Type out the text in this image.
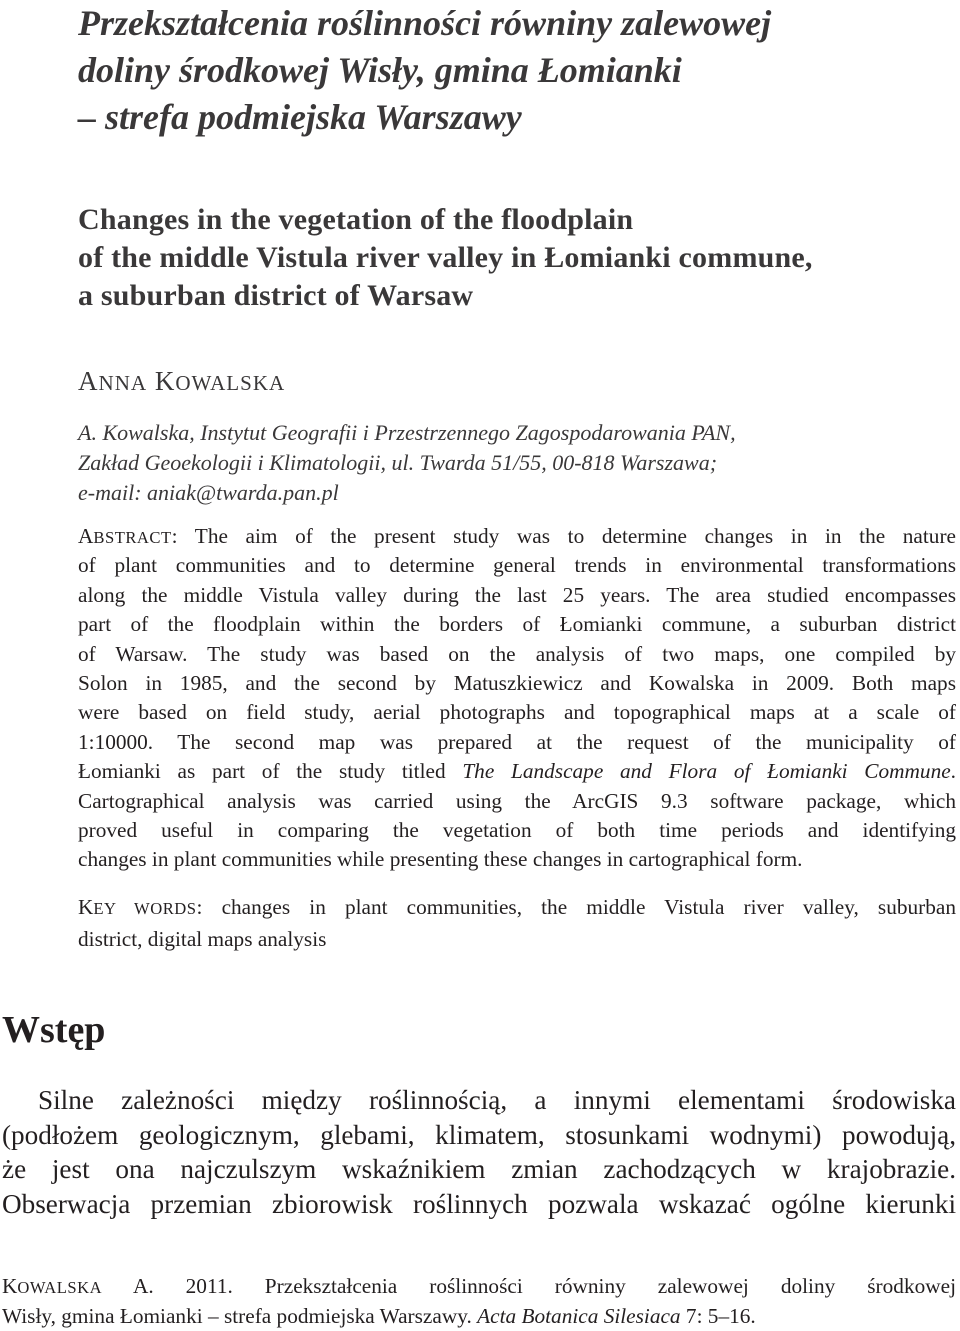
Przekształcenia roślinności równiny zalewowej
doliny środkowej Wisły, gmina Łomianki
– strefa podmiejska Warszawy
Changes in the vegetation of the floodplain
of the middle Vistula river valley in Łomianki commune,
a suburban district of Warsaw
ANNA KOWALSKA
A. Kowalska, Instytut Geografii i Przestrzennego Zagospodarowania PAN,
Zakład Geoekologii i Klimatologii, ul. Twarda 51/55, 00-818 Warszawa;
e-mail: aniak@twarda.pan.pl
ABSTRACT: The aim of the present study was to determine changes in in the nature
of plant communities and to determine general trends in environmental transformations
along the middle Vistula valley during the last 25 years. The area studied encompasses
part of the floodplain within the borders of Łomianki commune, a suburban district
of Warsaw. The study was based on the analysis of two maps, one compiled by
Solon in 1985, and the second by Matuszkiewicz and Kowalska in 2009. Both maps
were based on field study, aerial photographs and topographical maps at a scale of
1:10000. The second map was prepared at the request of the municipality of
Łomianki as part of the study titled The Landscape and Flora of Łomianki Commune.
Cartographical analysis was carried using the ArcGIS 9.3 software package, which
proved useful in comparing the vegetation of both time periods and identifying
changes in plant communities while presenting these changes in cartographical form.
KEY WORDS: changes in plant communities, the middle Vistula river valley, suburban
district, digital maps analysis
Wstęp
Silne zależności między roślinnością, a innymi elementami środowiska
(podłożem geologicznym, glebami, klimatem, stosunkami wodnymi) powodują,
że jest ona najczulszym wskaźnikiem zmian zachodzących w krajobrazie.
Obserwacja przemian zbiorowisk roślinnych pozwala wskazać ogólne kierunki
KOWALSKA A. 2011. Przekształcenia roślinności równiny zalewowej doliny środkowej
Wisły, gmina Łomianki – strefa podmiejska Warszawy. Acta Botanica Silesiaca 7: 5–16.
